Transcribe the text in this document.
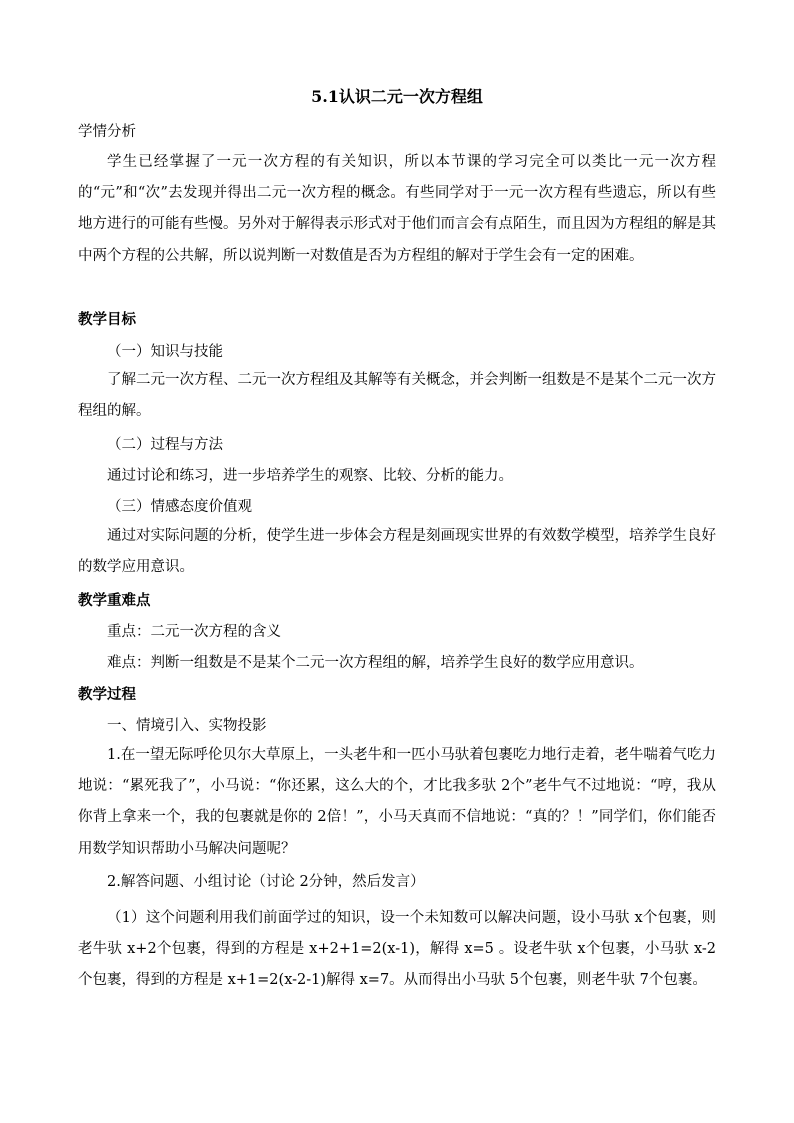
5.1认识二元一次方程组

学情分析

学生已经掌握了一元一次方程的有关知识，所以本节课的学习完全可以类比一元一次方程的“元”和“次”去发现并得出二元一次方程的概念。有些同学对于一元一次方程有些遗忘，所以有些地方进行的可能有些慢。另外对于解得表示形式对于他们而言会有点陌生，而且因为方程组的解是其中两个方程的公共解，所以说判断一对数值是否为方程组的解对于学生会有一定的困难。

教学目标

（一）知识与技能

了解二元一次方程、二元一次方程组及其解等有关概念，并会判断一组数是不是某个二元一次方程组的解。

（二）过程与方法

通过讨论和练习，进一步培养学生的观察、比较、分析的能力。

（三）情感态度价值观

通过对实际问题的分析，使学生进一步体会方程是刻画现实世界的有效数学模型，培养学生良好的数学应用意识。

教学重难点

重点：二元一次方程的含义

难点：判断一组数是不是某个二元一次方程组的解，培养学生良好的数学应用意识。

教学过程

一、情境引入、实物投影

1.在一望无际呼伦贝尔大草原上，一头老牛和一匹小马驮着包裹吃力地行走着，老牛喘着气吃力地说：“累死我了”，小马说：“你还累，这么大的个，才比我多驮 2个”老牛气不过地说：“哼，我从你背上拿来一个，我的包裹就是你的 2倍！”，小马天真而不信地说：“真的？！”同学们，你们能否用数学知识帮助小马解决问题呢？

2.解答问题、小组讨论（讨论 2分钟，然后发言）

（1）这个问题利用我们前面学过的知识，设一个未知数可以解决问题，设小马驮 x个包裹，则老牛驮 x+2个包裹，得到的方程是 x+2+1=2(x-1)，解得 x=5 。设老牛驮 x个包裹，小马驮 x-2个包裹，得到的方程是 x+1=2(x-2-1)解得 x=7。从而得出小马驮 5个包裹，则老牛驮 7个包裹。
